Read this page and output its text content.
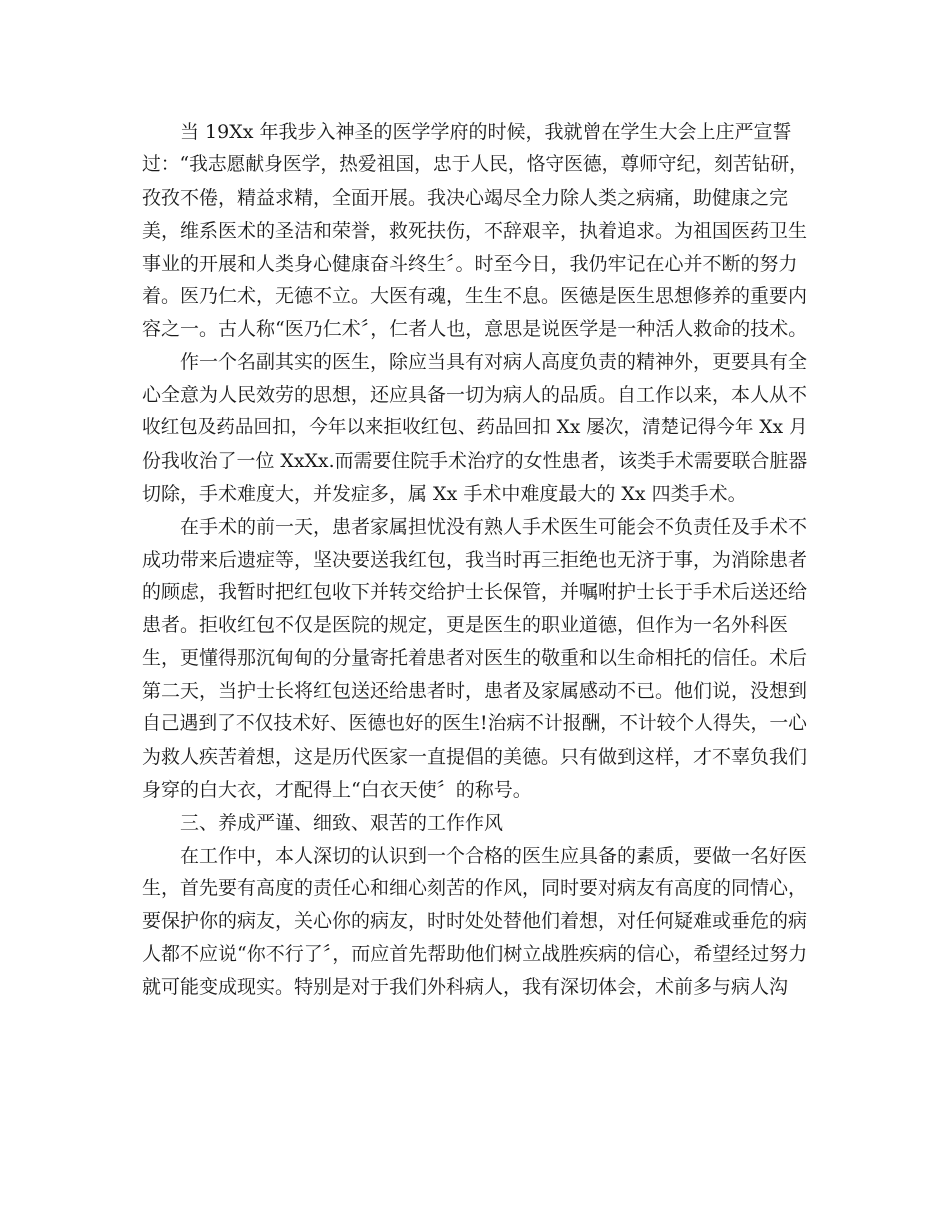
当 19Xx 年我步入神圣的医学学府的时候，我就曾在学生大会上庄严宣誓
过：“我志愿献身医学，热爱祖国，忠于人民，恪守医德，尊师守纪，刻苦钻研，
孜孜不倦，精益求精，全面开展。我决心竭尽全力除人类之病痛，助健康之完
美，维系医术的圣洁和荣誉，救死扶伤，不辞艰辛，执着追求。为祖国医药卫生
事业的开展和人类身心健康奋斗终生〞。时至今日，我仍牢记在心并不断的努力
着。医乃仁术，无德不立。大医有魂，生生不息。医德是医生思想修养的重要内
容之一。古人称“医乃仁术〞，仁者人也，意思是说医学是一种活人救命的技术。
作一个名副其实的医生，除应当具有对病人高度负责的精神外，更要具有全
心全意为人民效劳的思想，还应具备一切为病人的品质。自工作以来，本人从不
收红包及药品回扣，今年以来拒收红包、药品回扣 Xx 屡次，清楚记得今年 Xx 月
份我收治了一位 XxXx.而需要住院手术治疗的女性患者，该类手术需要联合脏器
切除，手术难度大，并发症多，属 Xx 手术中难度最大的 Xx 四类手术。
在手术的前一天，患者家属担忧没有熟人手术医生可能会不负责任及手术不
成功带来后遗症等，坚决要送我红包，我当时再三拒绝也无济于事，为消除患者
的顾虑，我暂时把红包收下并转交给护士长保管，并嘱咐护士长于手术后送还给
患者。拒收红包不仅是医院的规定，更是医生的职业道德，但作为一名外科医
生，更懂得那沉甸甸的分量寄托着患者对医生的敬重和以生命相托的信任。术后
第二天，当护士长将红包送还给患者时，患者及家属感动不已。他们说，没想到
自己遇到了不仅技术好、医德也好的医生!治病不计报酬，不计较个人得失，一心
为救人疾苦着想，这是历代医家一直提倡的美德。只有做到这样，才不辜负我们
身穿的白大衣，才配得上“白衣天使〞的称号。
三、养成严谨、细致、艰苦的工作作风
在工作中，本人深切的认识到一个合格的医生应具备的素质，要做一名好医
生，首先要有高度的责任心和细心刻苦的作风，同时要对病友有高度的同情心，
要保护你的病友，关心你的病友，时时处处替他们着想，对任何疑难或垂危的病
人都不应说“你不行了〞，而应首先帮助他们树立战胜疾病的信心，希望经过努力
就可能变成现实。特别是对于我们外科病人，我有深切体会，术前多与病人沟
